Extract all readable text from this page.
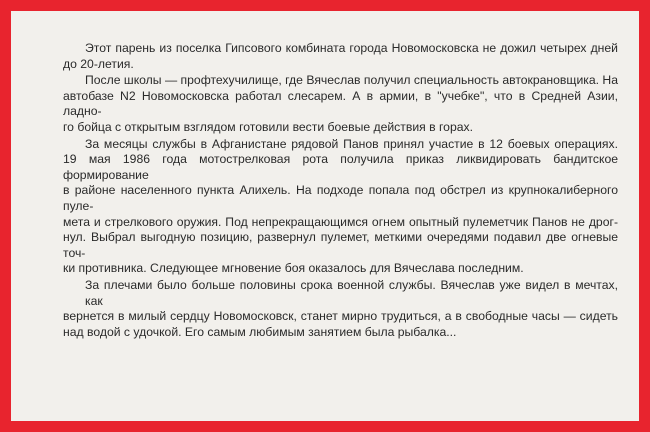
Этот парень из поселка Гипсового комбината города Новомосковска не дожил четырех дней
до 20-летия.
После школы — профтехучилище, где Вячеслав получил специальность автокрановщика. На
автобазе N2 Новомосковска работал слесарем. А в армии, в "учебке", что в Средней Азии, ладно-
го бойца с открытым взглядом готовили вести боевые действия в горах.
За месяцы службы в Афганистане рядовой Панов принял участие в 12 боевых операциях.
19 мая 1986 года мотострелковая рота получила приказ ликвидировать бандитское формирование
в районе населенного пункта Алихель. На подходе попала под обстрел из крупнокалиберного пуле-
мета и стрелкового оружия. Под непрекращающимся огнем опытный пулеметчик Панов не дрог-
нул. Выбрал выгодную позицию, развернул пулемет, меткими очередями подавил две огневые точ-
ки противника. Следующее мгновение боя оказалось для Вячеслава последним.
За плечами было больше половины срока военной службы. Вячеслав уже видел в мечтах, как
вернется в милый сердцу Новомосковск, станет мирно трудиться, а в свободные часы — сидеть
над водой с удочкой. Его самым любимым занятием была рыбалка...
